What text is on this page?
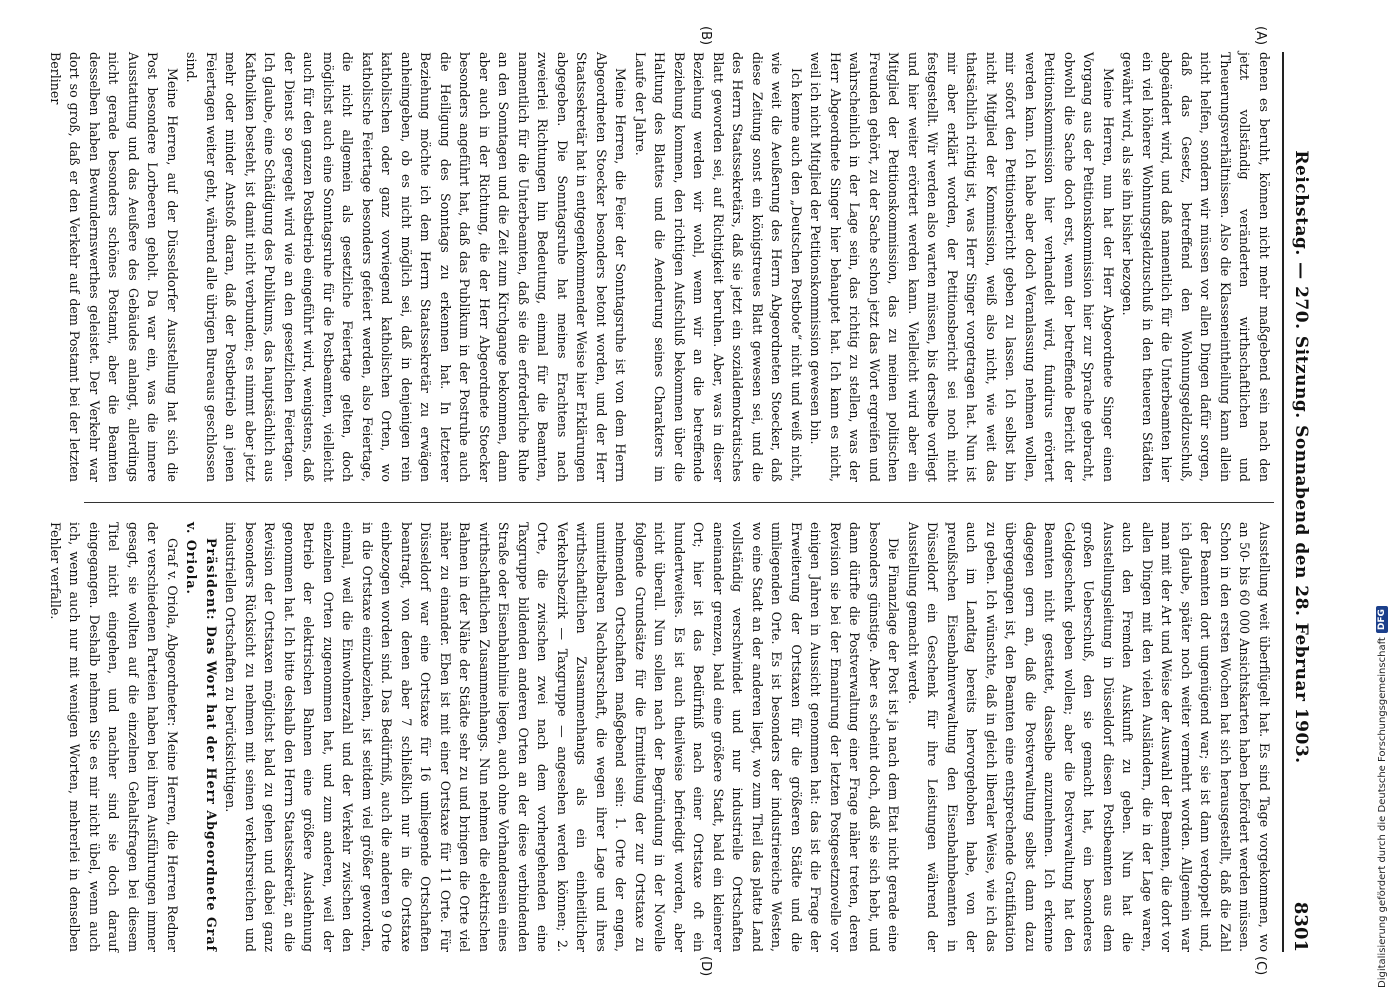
Reichstag. — 270. Sitzung. Sonnabend den 28. Februar 1903.
8301
(A)
(B)
(C)
(D)

denen es beruht, können nicht mehr maßgebend sein nach den jetzt vollständig veränderten wirthschaftlichen und Theuerungsverhältnissen. Also die Klasseneintheilung kann allein nicht helfen, sondern wir müssen vor allen Dingen dafür sorgen, daß das Gesetz, betreffend den Wohnungsgeldzuschuß, abgeändert wird, und daß namentlich für die Unterbeamten hier ein viel höherer Wohnungsgeldzuschuß in den theueren Städten gewährt wird, als sie ihn bisher bezogen.

Meine Herren, nun hat der Herr Abgeordnete Singer einen Vorgang aus der Petitionskommission hier zur Sprache gebracht, obwohl die Sache doch erst, wenn der betreffende Bericht der Petitionskommission hier verhandelt wird, fundirus erörtert werden kann. Ich habe aber doch Veranlassung nehmen wollen, mir sofort den Petitionsbericht geben zu lassen. Ich selbst bin nicht Mitglied der Kommission, weiß also nicht, wie weit das thatsächlich richtig ist, was Herr Singer vorgetragen hat. Nun ist mir aber erklärt worden, der Petitionsbericht sei noch nicht festgestellt. Wir werden also warten müssen, bis derselbe vorliegt und hier weiter erörtert werden kann. Vielleicht wird aber ein Mitglied der Petitionskommission, das zu meinen politischen Freunden gehört, zu der Sache schon jetzt das Wort ergreifen und wahrscheinlich in der Lage sein, das richtig zu stellen, was der Herr Abgeordnete Singer hier behauptet hat. Ich kann es nicht, weil ich nicht Mitglied der Petitionskommission gewesen bin.

Ich kenne auch den „Deutschen Postbote“ nicht und weiß nicht, wie weit die Aeußerung des Herrn Abgeordneten Stoecker, daß diese Zeitung sonst ein königstreues Blatt gewesen sei, und die des Herrn Staatssekretärs, daß sie jetzt ein sozialdemokratisches Blatt geworden sei, auf Richtigkeit beruhen. Aber, was in dieser Beziehung werden wir wohl, wenn wir an die betreffende Beziehung kommen, den richtigen Aufschluß bekommen über die Haltung des Blattes und die Aenderung seines Charakters im Laufe der Jahre.

Meine Herren, die Feier der Sonntagsruhe ist von dem Herrn Abgeordneten Stoecker besonders betont worden, und der Herr Staatssekretär hat in entgegenkommender Weise hier Erklärungen abgegeben. Die Sonntagsruhe hat meines Erachtens nach zweierlei Richtungen hin Bedeutung, einmal für die Beamten, namentlich für die Unterbeamten, daß sie die erforderliche Ruhe an den Sonntagen und die Zeit zum Kirchgange bekommen, dann aber auch in der Richtung, die der Herr Abgeordnete Stoecker besonders angeführt hat, daß das Publikum in der Postruhe auch die Heiligung des Sonntags zu erkennen hat. In letzterer Beziehung möchte ich dem Herrn Staatssekretär zu erwägen anheimgeben, ob es nicht möglich sei, daß in denjenigen rein katholischen oder ganz vorwiegend katholischen Orten, wo katholische Feiertage besonders gefeiert werden, also Feiertage, die nicht allgemein als gesetzliche Feiertage gelten, doch möglichst auch eine Sonntagsruhe für die Postbeamten, vielleicht auch für den ganzen Postbetrieb eingeführt wird, wenigstens, daß der Dienst so geregelt wird wie an den gesetzlichen Feiertagen. Ich glaube, eine Schädigung des Publikums, das hauptsächlich aus Katholiken besteht, ist damit nicht verbunden; es nimmt aber jetzt mehr oder minder Anstoß daran, daß der Postbetrieb an jenen Feiertagen weiter geht, während alle übrigen Bureaus geschlossen sind.

Meine Herren, auf der Düsseldorfer Ausstellung hat sich die Post besondere Lorbeeren geholt. Da war ein, was die innere Ausstattung und das Aeußere des Gebäudes anlangt, allerdings nicht gerade besonders schönes Postamt, aber die Beamten desselben haben Bewundernswerthes geleistet. Der Verkehr war dort so groß, daß er den Verkehr auf dem Postamt bei der letzten Berliner

Ausstellung weit überflügelt hat. Es sind Tage vorgekommen, wo an 50- bis 60 000 Ansichtskarten haben befördert werden müssen. Schon in den ersten Wochen hat sich herausgestellt, daß die Zahl der Beamten dort ungenügend war; sie ist dann verdoppelt und, ich glaube, später noch weiter vermehrt worden. Allgemein war man mit der Art und Weise der Auswahl der Beamten, die dort vor allen Dingen mit den vielen Ausländern, die in der Lage waren, auch den Fremden Auskunft zu geben. Nun hat die Ausstellungsleitung in Düsseldorf diesen Postbeamten aus dem großen Ueberschuß, den sie gemacht hat, ein besonderes Geldgeschenk geben wollen; aber die Postverwaltung hat den Beamten nicht gestattet, dasselbe anzunehmen. Ich erkenne dagegen gern an, daß die Postverwaltung selbst dann dazu übergegangen ist, den Beamten eine entsprechende Gratifikation zu geben. Ich wünschte, daß in gleich liberaler Weise, wie ich das auch im Landtag bereits hervorgehoben habe, von der preußischen Eisenbahnverwaltung den Eisenbahnbeamten in Düsseldorf ein Geschenk für ihre Leistungen während der Ausstellung gemacht werde.

Die Finanzlage der Post ist ja nach dem Etat nicht gerade eine besonders günstige. Aber es scheint doch, daß sie sich hebt, und dann dürfte die Postverwaltung einer Frage näher treten, deren Revision sie bei der Emanirung der letzten Postgesetznovelle vor einigen Jahren in Aussicht genommen hat: das ist die Frage der Erweiterung der Ortstaxen für die größeren Städte und die umliegenden Orte. Es ist besonders der industriereiche Westen, wo eine Stadt an der anderen liegt, wo zum Theil das platte Land vollständig verschwindet und nur industrielle Ortschaften aneinander grenzen, bald eine größere Stadt, bald ein kleinerer Ort; hier ist das Bedürfniß nach einer Ortstaxe oft ein hundertweites. Es ist auch theilweise befriedigt worden, aber nicht überall. Nun sollen nach der Begründung in der Novelle folgende Grundsätze für die Ermittelung der zur Ortstaxe zu nehmenden Ortschaften maßgebend sein: 1. Orte der engen, unmittelbaren Nachbarschaft, die wegen ihrer Lage und ihres wirthschaftlichen Zusammenhangs als ein einheitlicher Verkehrsbezirk — Taxgruppe — angesehen werden können; 2. Orte, die zwischen zwei nach dem vorhergehenden eine Taxgruppe bildenden anderen Orten an der diese verbindenden Straße oder Eisenbahnlinie liegen, auch ohne Vorhandensein eines wirthschaftlichen Zusammenhangs. Nun nehmen die elektrischen Bahnen in der Nähe der Städte sehr zu und bringen die Orte viel näher zu einander. Eben ist mit einer Ortstaxe für 11 Orte. Für Düsseldorf war eine Ortstaxe für 16 umliegende Ortschaften beantragt, von denen aber 7 schließlich nur in die Ortstaxe einbezogen worden sind. Das Bedürfniß, auch die anderen 9 Orte in die Ortstaxe einzubeziehen, ist seitdem viel größer geworden, einmal, weil die Einwohnerzahl und der Verkehr zwischen den einzelnen Orten zugenommen hat, und zum anderen, weil der Betrieb der elektrischen Bahnen eine größere Ausdehnung genommen hat. Ich bitte deshalb den Herrn Staatssekretär, an die Revision der Ortstaxen möglichst bald zu gehen und dabei ganz besonders Rücksicht zu nehmen mit seinen verkehrsreichen und industriellen Ortschaften zu berücksichtigen.

Präsident: Das Wort hat der Herr Abgeordnete Graf v. Oriola.

Graf v. Oriola, Abgeordneter: Meine Herren, die Herren Redner der verschiedenen Parteien haben bei ihren Ausführungen immer gesagt, sie wollten auf die einzelnen Gehaltsfragen bei diesem Titel nicht eingehen, und nachher sind sie doch darauf eingegangen. Deshalb nehmen Sie es mir nicht übel, wenn auch ich, wenn auch nur mit wenigen Worten, mehrerlei in denselben Fehler verfalle.

Digitalisierung gefördert durch die Deutsche Forschungsgemeinschaft
DFG
